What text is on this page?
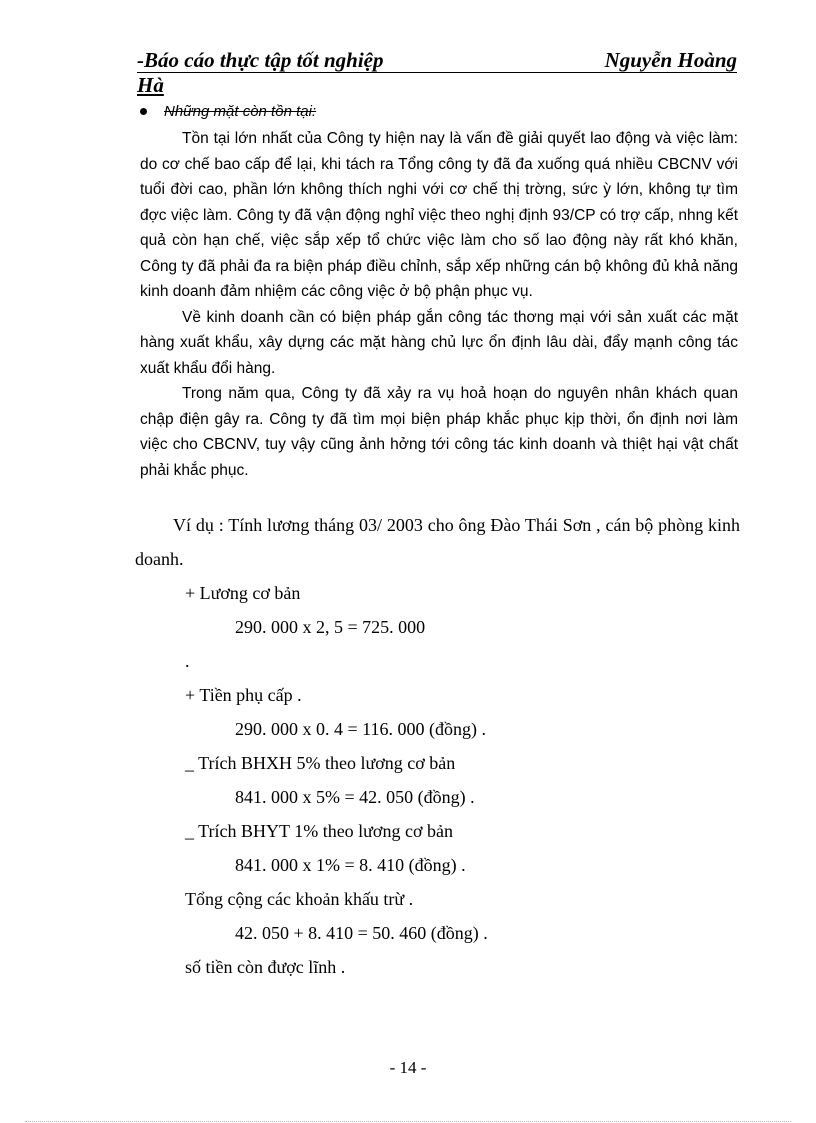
-Báo cáo thực tập tốt nghiệp	Nguyễn Hoàng
Hà
Những mặt còn tồn tại:

Tồn tại lớn nhất của Công ty hiện nay là vấn đề giải quyết lao động và việc làm: do cơ chế bao cấp để lại, khi tách ra Tổng công ty đã đa xuống quá nhiều CBCNV với tuổi đời cao, phần lớn không thích nghi với cơ chế thị trờng, sức ỳ lớn, không tự tìm đợc việc làm. Công ty đã vận động nghỉ việc theo nghị định 93/CP có trợ cấp, nhng kết quả còn hạn chế, việc sắp xếp tổ chức việc làm cho số lao động này rất khó khăn, Công ty đã phải đa ra biện pháp điều chỉnh, sắp xếp những cán bộ không đủ khả năng kinh doanh đảm nhiệm các công việc ở bộ phận phục vụ.

Về kinh doanh cần có biện pháp gắn công tác thơng mại với sản xuất các mặt hàng xuất khẩu, xây dựng các mặt hàng chủ lực ổn định lâu dài, đẩy mạnh công tác xuất khẩu đổi hàng.

Trong năm qua, Công ty đã xảy ra vụ hoả hoạn do nguyên nhân khách quan chập điện gây ra. Công ty đã tìm mọi biện pháp khắc phục kịp thời, ổn định nơi làm việc cho CBCNV, tuy vậy cũng ảnh hởng tới công tác kinh doanh và thiệt hại vật chất phải khắc phục.

Ví dụ : Tính lương tháng 03/ 2003 cho ông Đào Thái Sơn , cán bộ phòng kinh doanh.
+ Lương cơ bản
290. 000 x 2, 5 = 725. 000
.
+ Tiền phụ cấp .
290. 000 x 0. 4 = 116. 000 (đồng) .
_ Trích BHXH 5% theo lương cơ bản
841. 000 x 5% = 42. 050 (đồng) .
_ Trích BHYT 1% theo lương cơ bản
841. 000 x 1% = 8. 410 (đồng) .
Tổng cộng các khoản khấu trừ .
42. 050 + 8. 410 = 50. 460 (đồng) .
số tiền còn được lĩnh .
- 14 -
